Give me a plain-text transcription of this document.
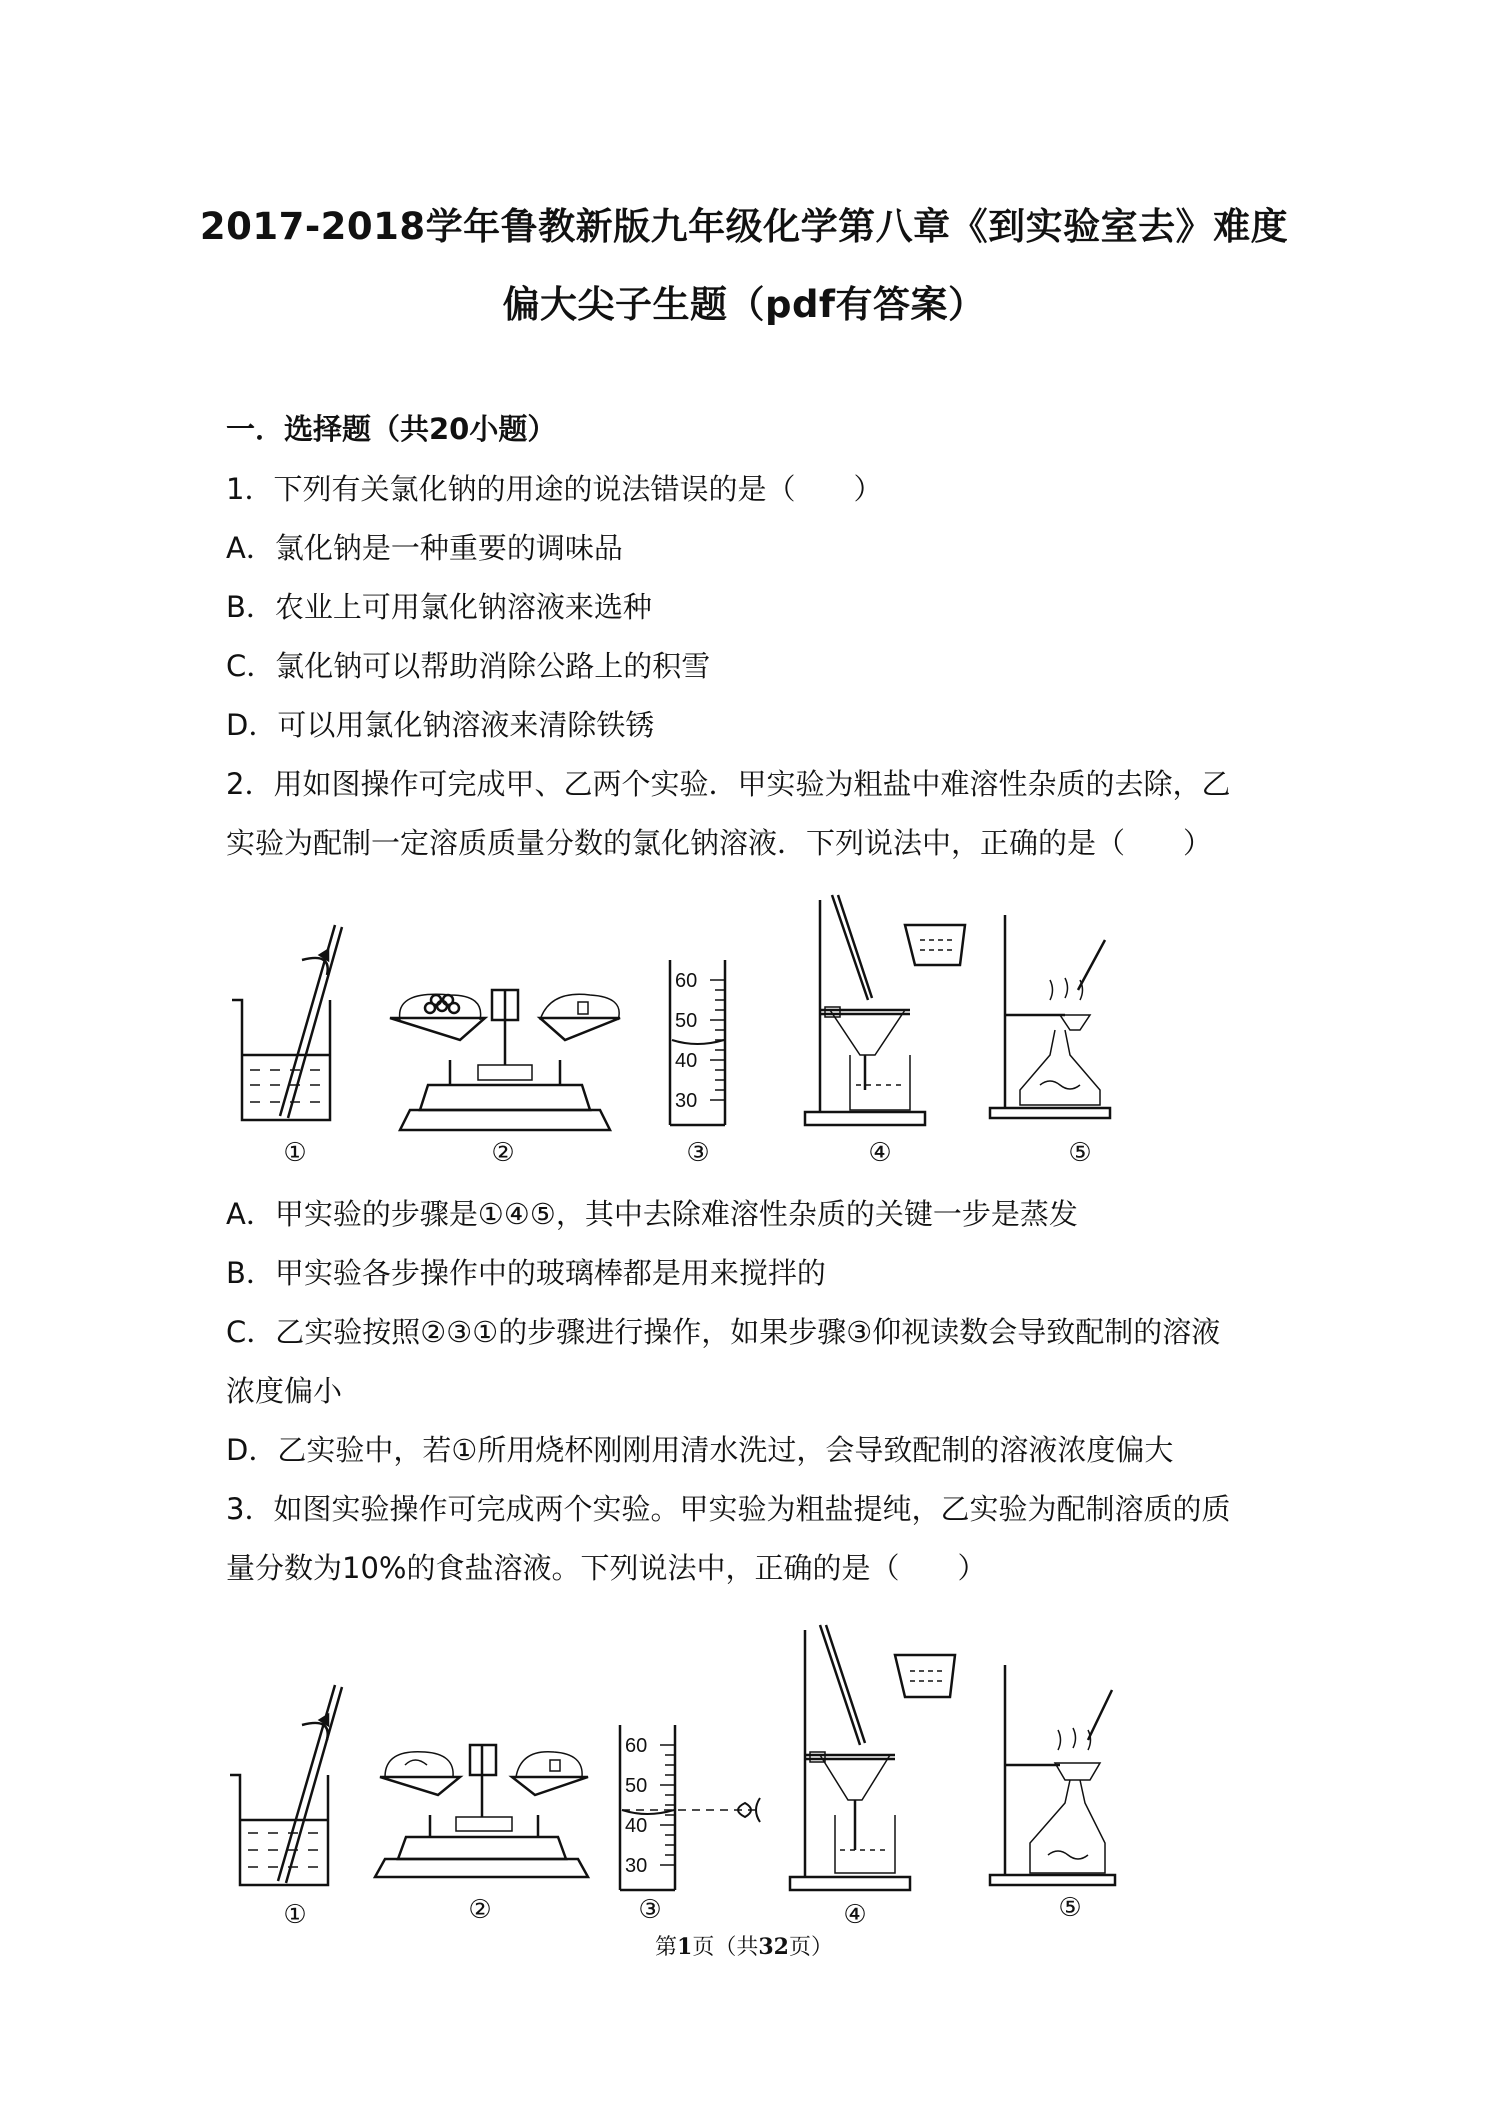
2017-2018学年鲁教新版九年级化学第八章《到实验室去》难度
偏大尖子生题（pdf有答案）
一．选择题（共20小题）
1．下列有关氯化钠的用途的说法错误的是（　　）
A．氯化钠是一种重要的调味品
B．农业上可用氯化钠溶液来选种
C．氯化钠可以帮助消除公路上的积雪
D．可以用氯化钠溶液来清除铁锈
2．用如图操作可完成甲、乙两个实验．甲实验为粗盐中难溶性杂质的去除，乙
实验为配制一定溶质质量分数的氯化钠溶液．下列说法中，正确的是（　　）
60
50
40
30
①	②	③	④	⑤
A．甲实验的步骤是①④⑤，其中去除难溶性杂质的关键一步是蒸发
B．甲实验各步操作中的玻璃棒都是用来搅拌的
C．乙实验按照②③①的步骤进行操作，如果步骤③仰视读数会导致配制的溶液
浓度偏小
D．乙实验中，若①所用烧杯刚刚用清水洗过，会导致配制的溶液浓度偏大
3．如图实验操作可完成两个实验。甲实验为粗盐提纯，乙实验为配制溶质的质
量分数为10%的食盐溶液。下列说法中，正确的是（　　）
60
50
40
30
①	②	③	④	⑤
第1页（共32页）
